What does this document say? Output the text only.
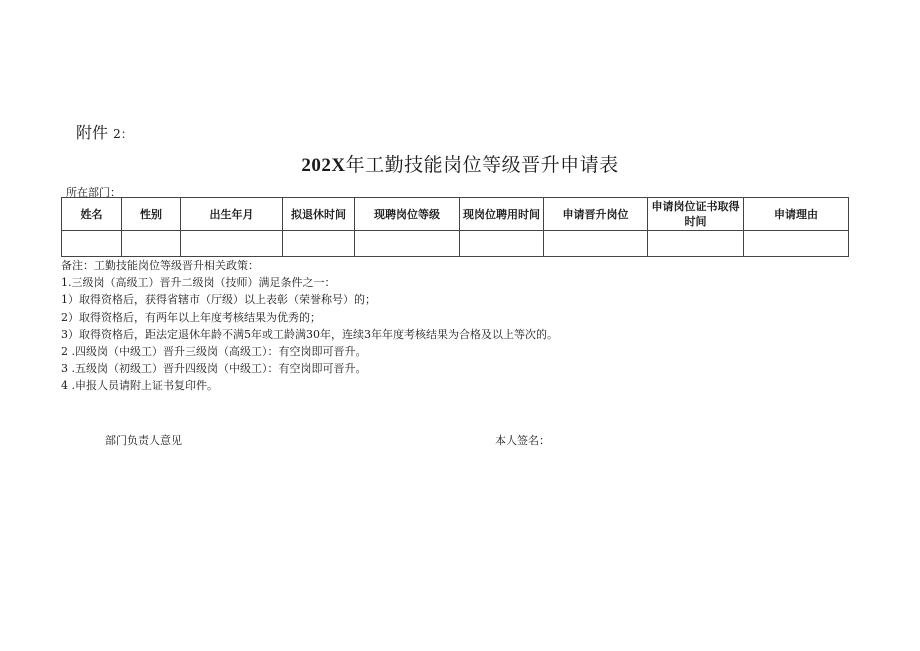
附件 2：
202X年工勤技能岗位等级晋升申请表
所在部门：
姓名	性别	出生年月	拟退休时间	现聘岗位等级	现岗位聘用时间	申请晋升岗位	申请岗位证书取得时间	申请理由

备注：工勤技能岗位等级晋升相关政策：
1.三级岗（高级工）晋升二级岗（技师）满足条件之一：
1）取得资格后，获得省辖市（厅级）以上表彰（荣誉称号）的；
2）取得资格后，有两年以上年度考核结果为优秀的；
3）取得资格后，距法定退休年龄不满5年或工龄满30年，连续3年年度考核结果为合格及以上等次的。
2 .四级岗（中级工）晋升三级岗（高级工）：有空岗即可晋升。
3 .五级岗（初级工）晋升四级岗（中级工）：有空岗即可晋升。
4 .申报人员请附上证书复印件。
部门负责人意见	本人签名：
